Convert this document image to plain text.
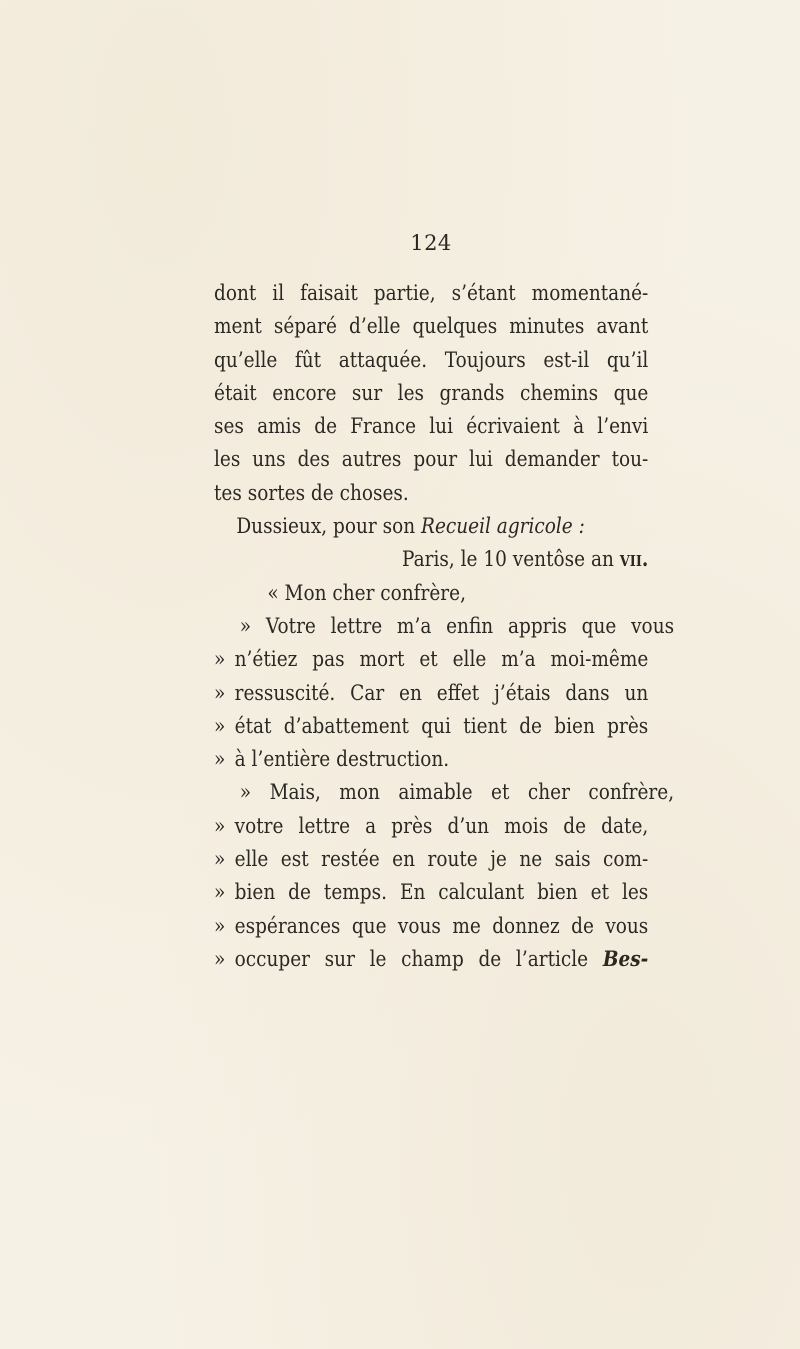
124
dont il faisait partie, s’étant momentané-
ment séparé d’elle quelques minutes avant
qu’elle fût attaquée. Toujours est-il qu’il
était encore sur les grands chemins que
ses amis de France lui écrivaient à l’envi
les uns des autres pour lui demander tou-
tes sortes de choses.
Dussieux, pour son Recueil agricole :
Paris, le 10 ventôse an vii.
« Mon cher confrère,
» Votre lettre m’a enfin appris que vous
» n’étiez pas mort et elle m’a moi-même
» ressuscité. Car en effet j’étais dans un
» état d’abattement qui tient de bien près
» à l’entière destruction.
» Mais, mon aimable et cher confrère,
» votre lettre a près d’un mois de date,
» elle est restée en route je ne sais com-
» bien de temps. En calculant bien et les
» espérances que vous me donnez de vous
» occuper sur le champ de l’article Bes-
